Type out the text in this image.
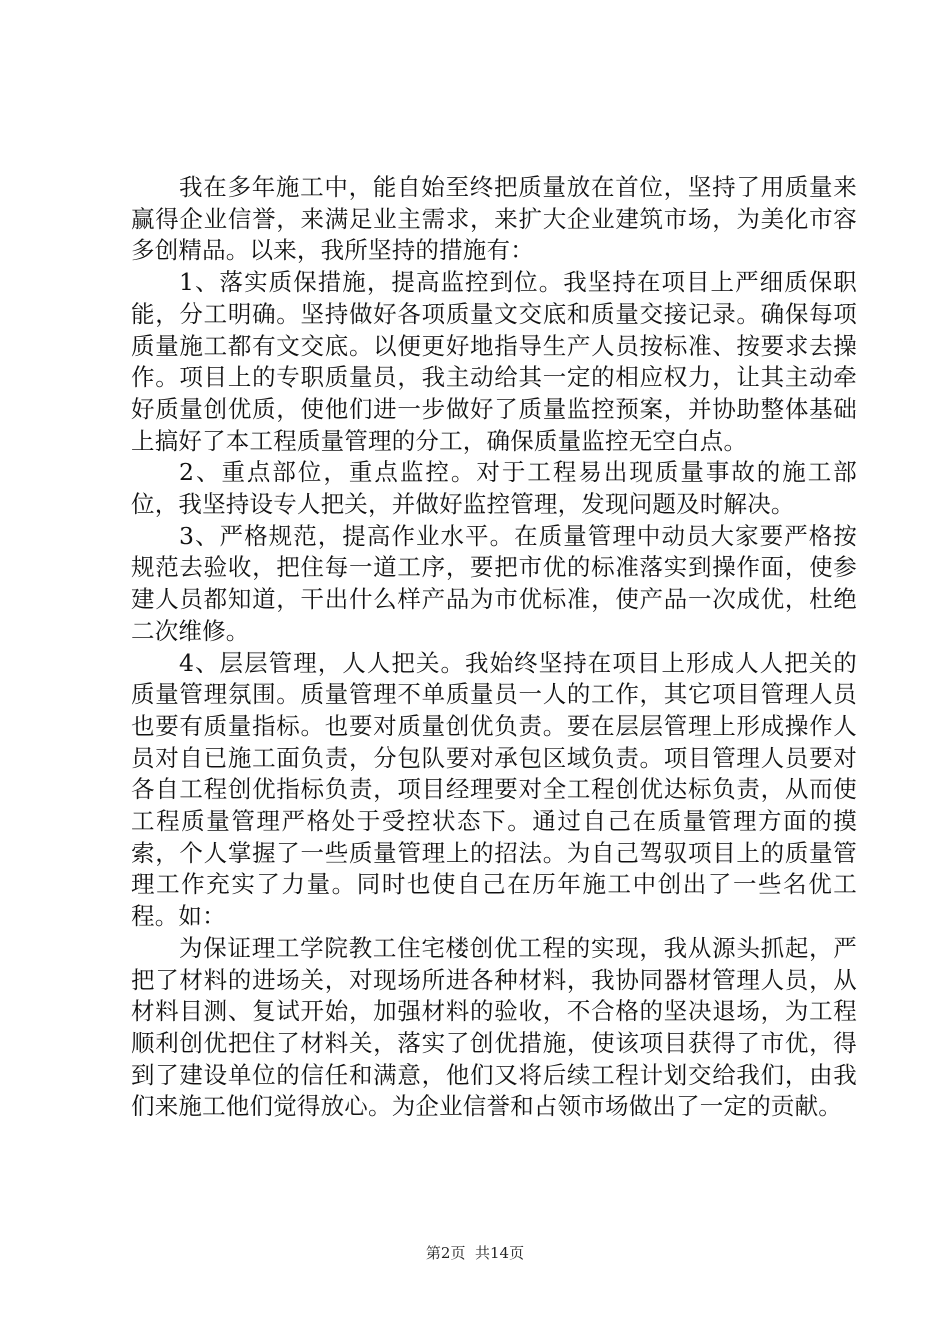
我在多年施工中，能自始至终把质量放在首位，坚持了用质量来赢得企业信誉，来满足业主需求，来扩大企业建筑市场，为美化市容多创精品。以来，我所坚持的措施有：

1、落实质保措施，提高监控到位。我坚持在项目上严细质保职能，分工明确。坚持做好各项质量文交底和质量交接记录。确保每项质量施工都有文交底。以便更好地指导生产人员按标准、按要求去操作。项目上的专职质量员，我主动给其一定的相应权力，让其主动牵好质量创优质，使他们进一步做好了质量监控预案，并协助整体基础上搞好了本工程质量管理的分工，确保质量监控无空白点。

2、重点部位，重点监控。对于工程易出现质量事故的施工部位，我坚持设专人把关，并做好监控管理，发现问题及时解决。

3、严格规范，提高作业水平。在质量管理中动员大家要严格按规范去验收，把住每一道工序，要把市优的标准落实到操作面，使参建人员都知道，干出什么样产品为市优标准，使产品一次成优，杜绝二次维修。

4、层层管理，人人把关。我始终坚持在项目上形成人人把关的质量管理氛围。质量管理不单质量员一人的工作，其它项目管理人员也要有质量指标。也要对质量创优负责。要在层层管理上形成操作人员对自已施工面负责，分包队要对承包区域负责。项目管理人员要对各自工程创优指标负责，项目经理要对全工程创优达标负责，从而使工程质量管理严格处于受控状态下。通过自己在质量管理方面的摸索，个人掌握了一些质量管理上的招法。为自己驾驭项目上的质量管理工作充实了力量。同时也使自己在历年施工中创出了一些名优工程。如：

为保证理工学院教工住宅楼创优工程的实现，我从源头抓起，严把了材料的进场关，对现场所进各种材料，我协同器材管理人员，从材料目测、复试开始，加强材料的验收，不合格的坚决退场，为工程顺利创优把住了材料关，落实了创优措施，使该项目获得了市优，得到了建设单位的信任和满意，他们又将后续工程计划交给我们，由我们来施工他们觉得放心。为企业信誉和占领市场做出了一定的贡献。

第2页  共14页
